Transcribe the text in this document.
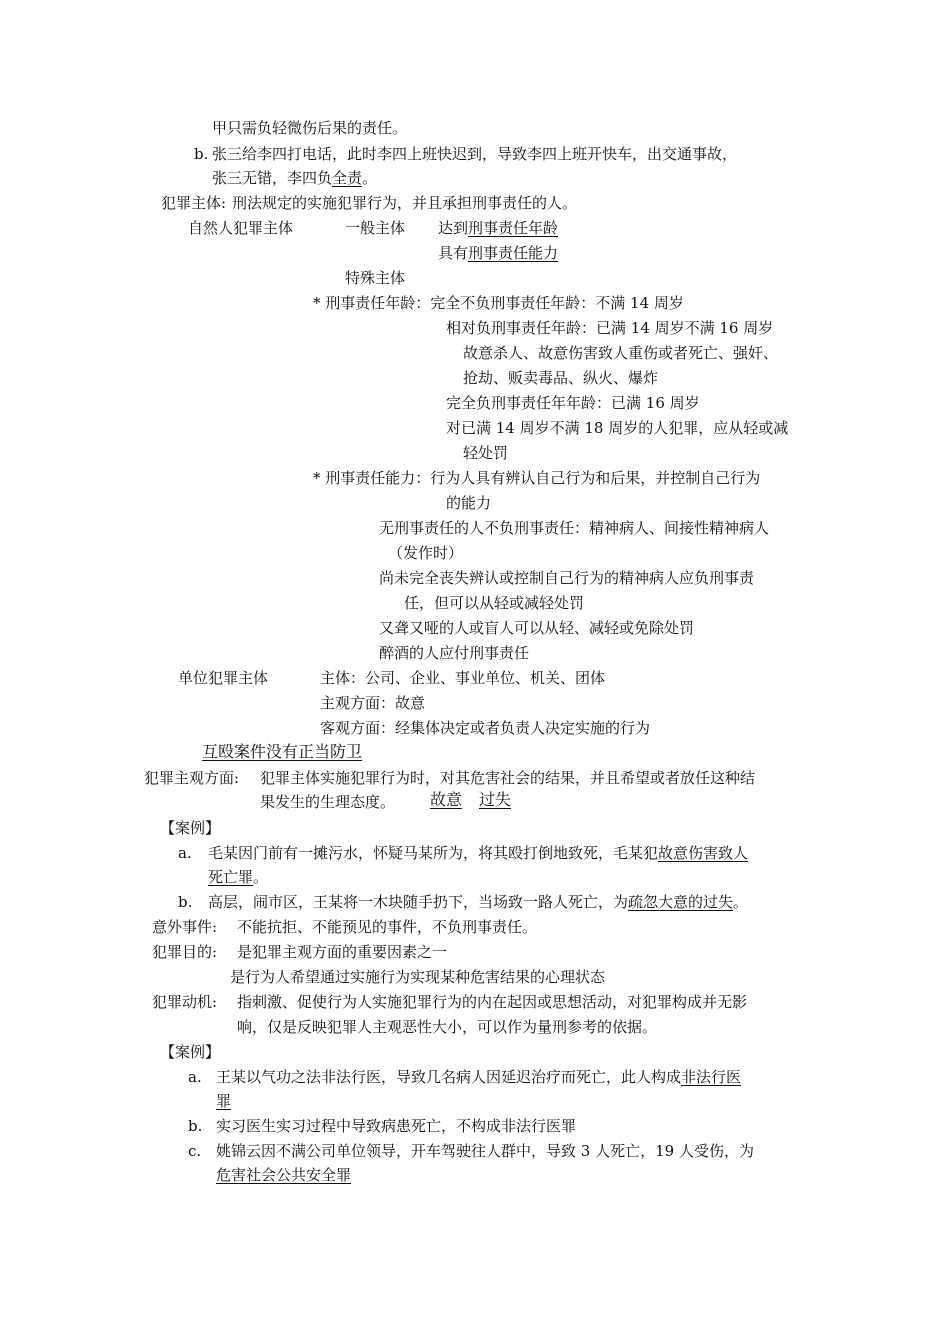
甲只需负轻微伤后果的责任。
b. 张三给李四打电话，此时李四上班快迟到，导致李四上班开快车，出交通事故，
张三无错，李四负全责。
犯罪主体: 刑法规定的实施犯罪行为，并且承担刑事责任的人。
自然人犯罪主体	一般主体 达到刑事责任年龄
具有刑事责任能力
特殊主体
* 刑事责任年龄：完全不负刑事责任年龄：不满 14 周岁
相对负刑事责任年龄：已满 14 周岁不满 16 周岁
故意杀人、故意伤害致人重伤或者死亡、强奸、
抢劫、贩卖毒品、纵火、爆炸
完全负刑事责任年年龄：已满 16 周岁
对已满 14 周岁不满 18 周岁的人犯罪，应从轻或减
轻处罚
* 刑事责任能力：行为人具有辨认自己行为和后果，并控制自己行为
的能力
无刑事责任的人不负刑事责任：精神病人、间接性精神病人
（发作时）
尚未完全丧失辨认或控制自己行为的精神病人应负刑事责
任，但可以从轻或减轻处罚
又聋又哑的人或盲人可以从轻、减轻或免除处罚
醉酒的人应付刑事责任
单位犯罪主体	主体：公司、企业、事业单位、机关、团体
主观方面：故意
客观方面：经集体决定或者负责人决定实施的行为
互殴案件没有正当防卫
犯罪主观方面: 犯罪主体实施犯罪行为时，对其危害社会的结果，并且希望或者放任这种结
果发生的生理态度。 故意 过失
【案例】
a. 毛某因门前有一摊污水，怀疑马某所为，将其殴打倒地致死，毛某犯故意伤害致人
死亡罪。
b. 高层，闹市区，王某将一木块随手扔下，当场致一路人死亡，为疏忽大意的过失。
意外事件: 不能抗拒、不能预见的事件，不负刑事责任。
犯罪目的: 是犯罪主观方面的重要因素之一
是行为人希望通过实施行为实现某种危害结果的心理状态
犯罪动机: 指刺激、促使行为人实施犯罪行为的内在起因或思想活动，对犯罪构成并无影
响，仅是反映犯罪人主观恶性大小，可以作为量刑参考的依据。
【案例】
a. 王某以气功之法非法行医，导致几名病人因延迟治疗而死亡，此人构成非法行医
罪
b. 实习医生实习过程中导致病患死亡，不构成非法行医罪
c. 姚锦云因不满公司单位领导，开车驾驶往人群中，导致 3 人死亡，19 人受伤，为
危害社会公共安全罪
